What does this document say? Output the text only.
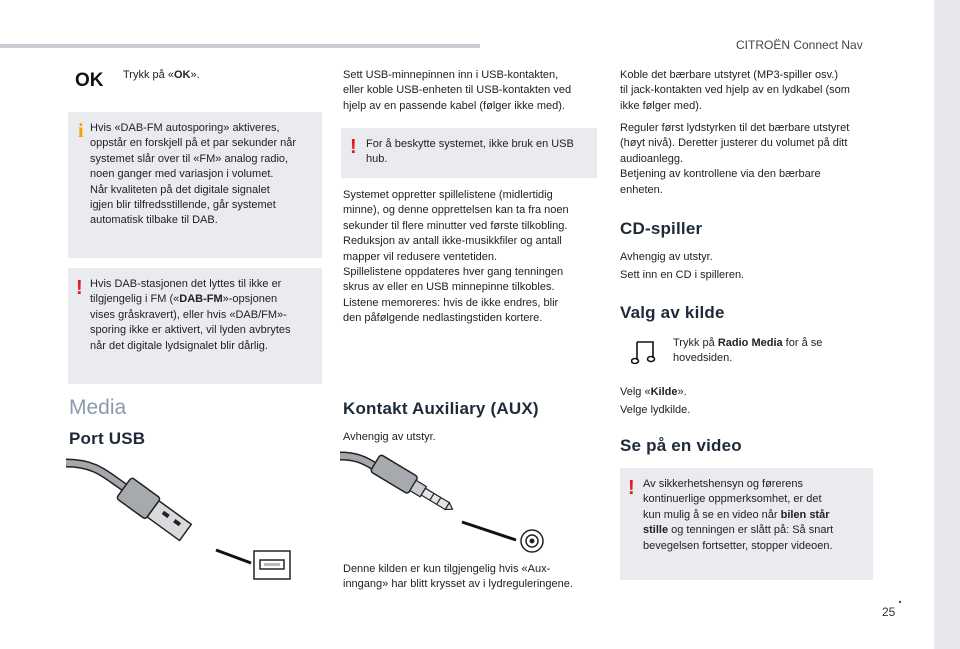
CITROËN Connect Nav
OK Trykk på «OK».

i Hvis «DAB-FM autosporing» aktiveres,
oppstår en forskjell på et par sekunder når
systemet slår over til «FM» analog radio,
noen ganger med variasjon i volumet.
Når kvaliteten på det digitale signalet
igjen blir tilfredsstillende, går systemet
automatisk tilbake til DAB.
! Hvis DAB-stasjonen det lyttes til ikke er
tilgjengelig i FM («DAB-FM»-opsjonen
vises gråskravert), eller hvis «DAB/FM»-
sporing ikke er aktivert, vil lyden avbrytes
når det digitale lydsignalet blir dårlig.
Media
Port USB
Sett USB-minnepinnen inn i USB-kontakten,
eller koble USB-enheten til USB-kontakten ved
hjelp av en passende kabel (følger ikke med).
! For å beskytte systemet, ikke bruk en USB
hub.
Systemet oppretter spillelistene (midlertidig
minne), og denne opprettelsen kan ta fra noen
sekunder til flere minutter ved første tilkobling.
Reduksjon av antall ikke-musikkfiler og antall
mapper vil redusere ventetiden.
Spillelistene oppdateres hver gang tenningen
skrus av eller en USB minnepinne tilkobles.
Listene memoreres: hvis de ikke endres, blir
den påfølgende nedlastingstiden kortere.
Kontakt Auxiliary (AUX)
Avhengig av utstyr.
Denne kilden er kun tilgjengelig hvis «Aux-
inngang» har blitt krysset av i lydreguleringene.
Koble det bærbare utstyret (MP3-spiller osv.)
til jack-kontakten ved hjelp av en lydkabel (som
ikke følger med).
Reguler først lydstyrken til det bærbare utstyret
(høyt nivå). Deretter justerer du volumet på ditt
audioanlegg.
Betjening av kontrollene via den bærbare
enheten.
CD-spiller
Avhengig av utstyr.
Sett inn en CD i spilleren.
Valg av kilde
Trykk på Radio Media for å se
hovedsiden.
Velg «Kilde».
Velge lydkilde.
Se på en video
! Av sikkerhetshensyn og førerens
kontinuerlige oppmerksomhet, er det
kun mulig å se en video når bilen står
stille og tenningen er slått på: Så snart
bevegelsen fortsetter, stopper videoen.
.
25
